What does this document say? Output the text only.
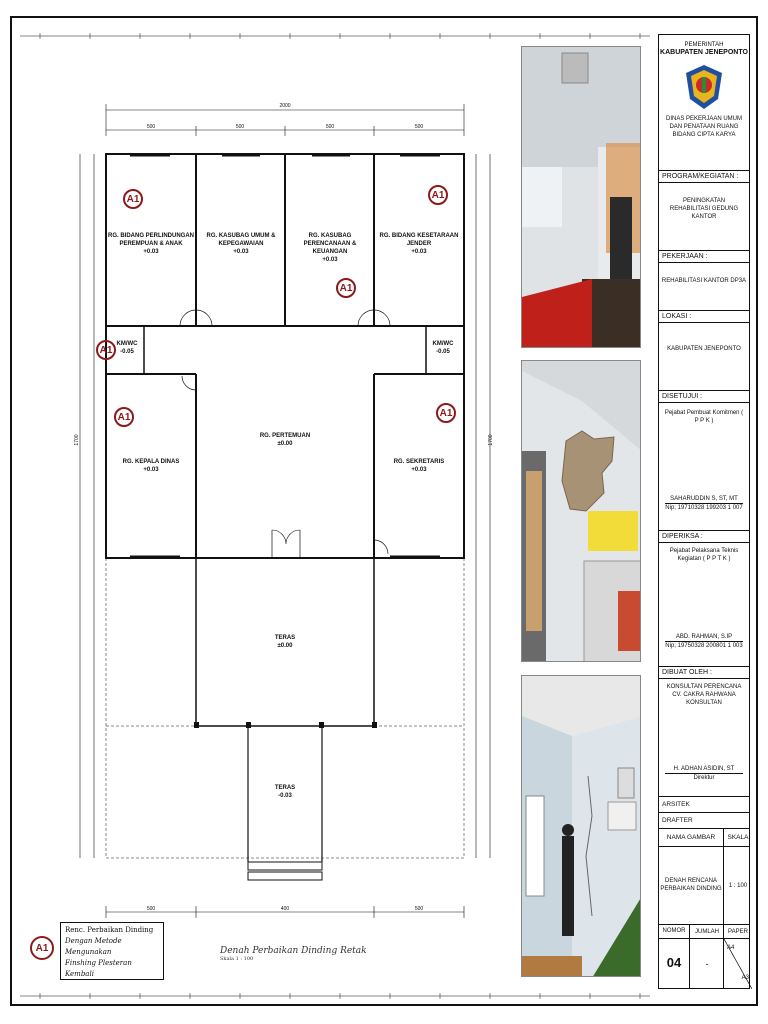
2000
500	500	500	500
1700	1700
500	400	500
RG. BIDANG PERLINDUNGAN PEREMPUAN & ANAK
+0.03
RG. KASUBAG UMUM & KEPEGAWAIAN
+0.03
RG. KASUBAG PERENCANAAN & KEUANGAN
+0.03
RG. BIDANG KESETARAAN JENDER
+0.03
KM/WC
-0.05
KM/WC
-0.05
RG. KEPALA DINAS
+0.03
RG. PERTEMUAN
±0.00
RG. SEKRETARIS
+0.03
TERAS
±0.00
TERAS
-0.03
A1	A1
A1
A1
A1	A1
A1
Renc. Perbaikan Dinding
Dengan Metode Mengunakan
Finshing Plesteran Kembali
Denah Perbaikan Dinding Retak
Skala 1 : 100
PEMERINTAH
KABUPATEN JENEPONTO
DINAS PEKERJAAN UMUM DAN PENATAAN RUANG BIDANG CIPTA KARYA
PROGRAM/KEGIATAN :
PENINGKATAN REHABILITASI GEDUNG KANTOR
PEKERJAAN :
REHABILITASI KANTOR DP3A
LOKASI :
KABUPATEN JENEPONTO
DISETUJUI :
Pejabat Pembuat Komitmen ( P P K )
SAHARUDDIN S, ST, MT
Nip; 19710328 199203 1 007
DIPERIKSA :
Pejabat Pelaksana Teknis Kegiatan ( P P T K )
ABD. RAHMAN, S.IP
Nip; 19750328 200801 1 003
DIBUAT OLEH :
KONSULTAN PERENCANA
CV. CAKRA RAHWANA KONSULTAN
H. ADHAN ASIDIN, ST
Direktur
ARSITEK
DRAFTER
NAMA GAMBAR	SKALA
DENAH RENCANA PERBAIKAN DINDING	1 : 100
NOMOR	JUMLAH	PAPER
04	-
A4
A3
